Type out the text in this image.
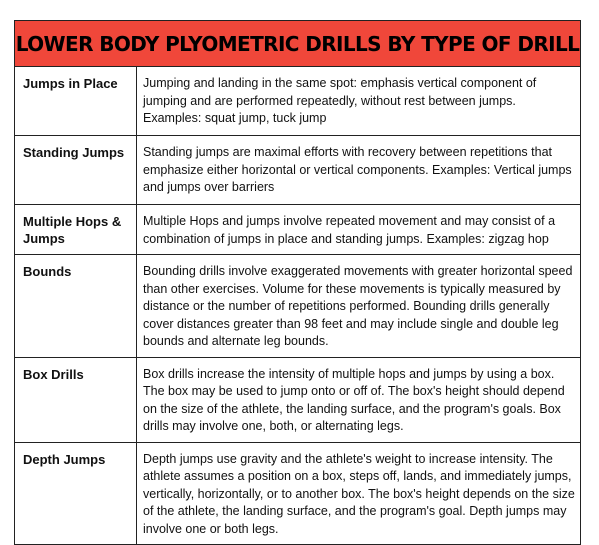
LOWER BODY PLYOMETRIC DRILLS BY TYPE OF DRILL	
Jumps in Place	Jumping and landing in the same spot: emphasis vertical component of jumping and are performed repeatedly, without rest between jumps. Examples: squat jump, tuck jump
Standing Jumps	Standing jumps are maximal efforts with recovery between repetitions that emphasize either horizontal or vertical components. Examples: Vertical jumps and jumps over barriers
Multiple Hops & Jumps	Multiple Hops and jumps involve repeated movement and may consist of a combination of jumps in place and standing jumps. Examples: zigzag hop
Bounds	Bounding drills involve exaggerated movements with greater horizontal speed than other exercises. Volume for these movements is typically measured by distance or the number of repetitions performed. Bounding drills generally cover distances greater than 98 feet and may include single and double leg bounds and alternate leg bounds.
Box Drills	Box drills increase the intensity of multiple hops and jumps by using a box. The box may be used to jump onto or off of. The box's height should depend on the size of the athlete, the landing surface, and the program's goals. Box drills may involve one, both, or alternating legs.
Depth Jumps	Depth jumps use gravity and the athlete's weight to increase intensity. The athlete assumes a position on a box, steps off, lands, and immediately jumps, vertically, horizontally, or to another box. The box's height depends on the size of the athlete, the landing surface, and the program's goal. Depth jumps may involve one or both legs.
